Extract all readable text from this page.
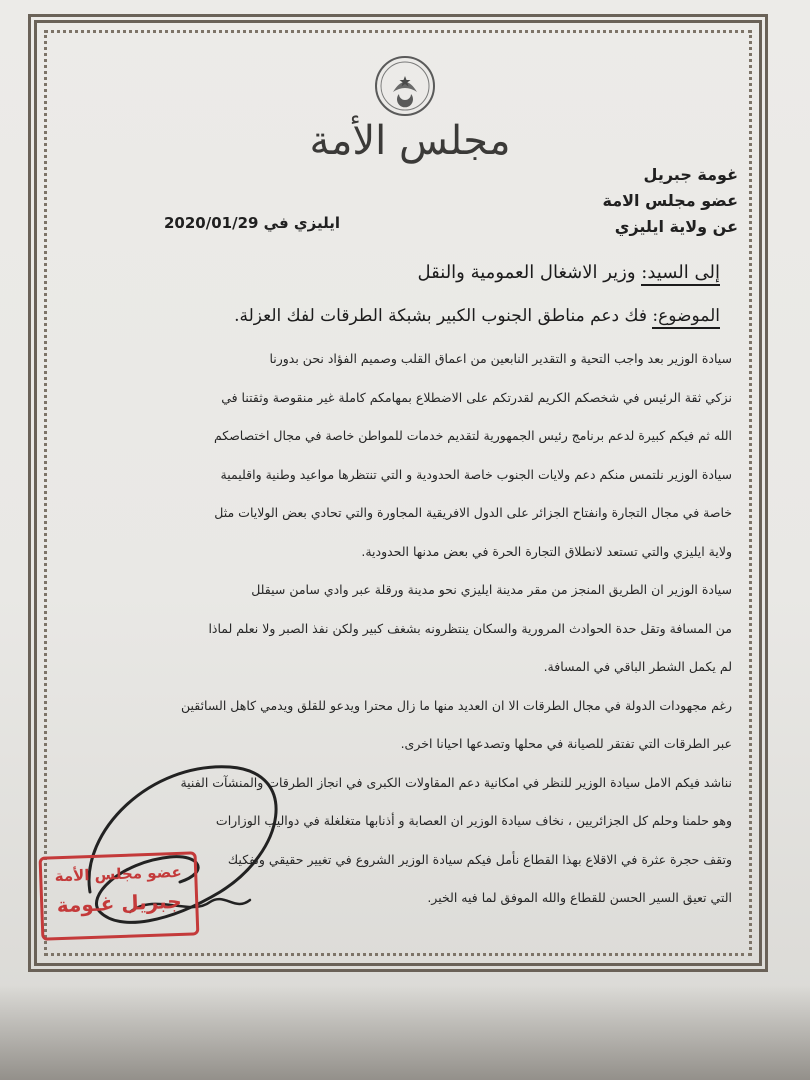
مجلس الأمة
غومة جبريل
عضو مجلس الامة
عن ولاية ايليزي
ايليزي في 2020/01/29
إلى السيد: وزير الاشغال العمومية والنقل
الموضوع: فك دعم مناطق الجنوب الكبير بشبكة الطرقات لفك العزلة.
سيادة الوزير بعد واجب التحية و التقدير النابعين من اعماق القلب وصميم الفؤاد نحن بدورنا
نزكي ثقة الرئيس في شخصكم الكريم لقدرتكم على الاضطلاع بمهامكم كاملة غير منقوصة وثقتنا في
الله ثم فيكم كبيرة لدعم برنامج رئيس الجمهورية لتقديم خدمات للمواطن خاصة في مجال اختصاصكم
سيادة الوزير نلتمس منكم دعم ولايات الجنوب خاصة الحدودية و التي تنتظرها مواعيد وطنية واقليمية
خاصة في مجال التجارة وانفتاح الجزائر على الدول الافريقية المجاورة والتي تحادي بعض الولايات مثل
ولاية ايليزي والتي تستعد لانطلاق التجارة الحرة في بعض مدنها الحدودية.
سيادة الوزير ان الطريق المنجز من مقر مدينة ايليزي نحو مدينة ورقلة عبر وادي سامن سيقلل
من المسافة وتقل حدة الحوادث المرورية والسكان ينتظرونه بشغف كبير ولكن نفذ الصبر ولا نعلم لماذا
لم يكمل الشطر الباقي في المسافة.
رغم مجهودات الدولة في مجال الطرقات الا ان العديد منها ما زال محترا ويدعو للقلق ويدمي كاهل السائقين
عبر الطرقات التي تفتقر للصيانة في محلها وتصدعها احيانا اخرى.
نناشد فيكم الامل سيادة الوزير للنظر في امكانية دعم المقاولات الكبرى في انجاز الطرقات والمنشآت الفنية
وهو حلمنا وحلم كل الجزائريين ، نخاف سيادة الوزير ان العصابة و أذنابها متغلغلة في دواليب الوزارات
وتقف حجرة عثرة في الاقلاع بهذا القطاع نأمل فيكم سيادة الوزير الشروع في تغيير حقيقي وتفكيك
التي تعيق السير الحسن للقطاع والله الموفق لما فيه الخير.
عضو مجلس الأمة
جبريل غـومة
